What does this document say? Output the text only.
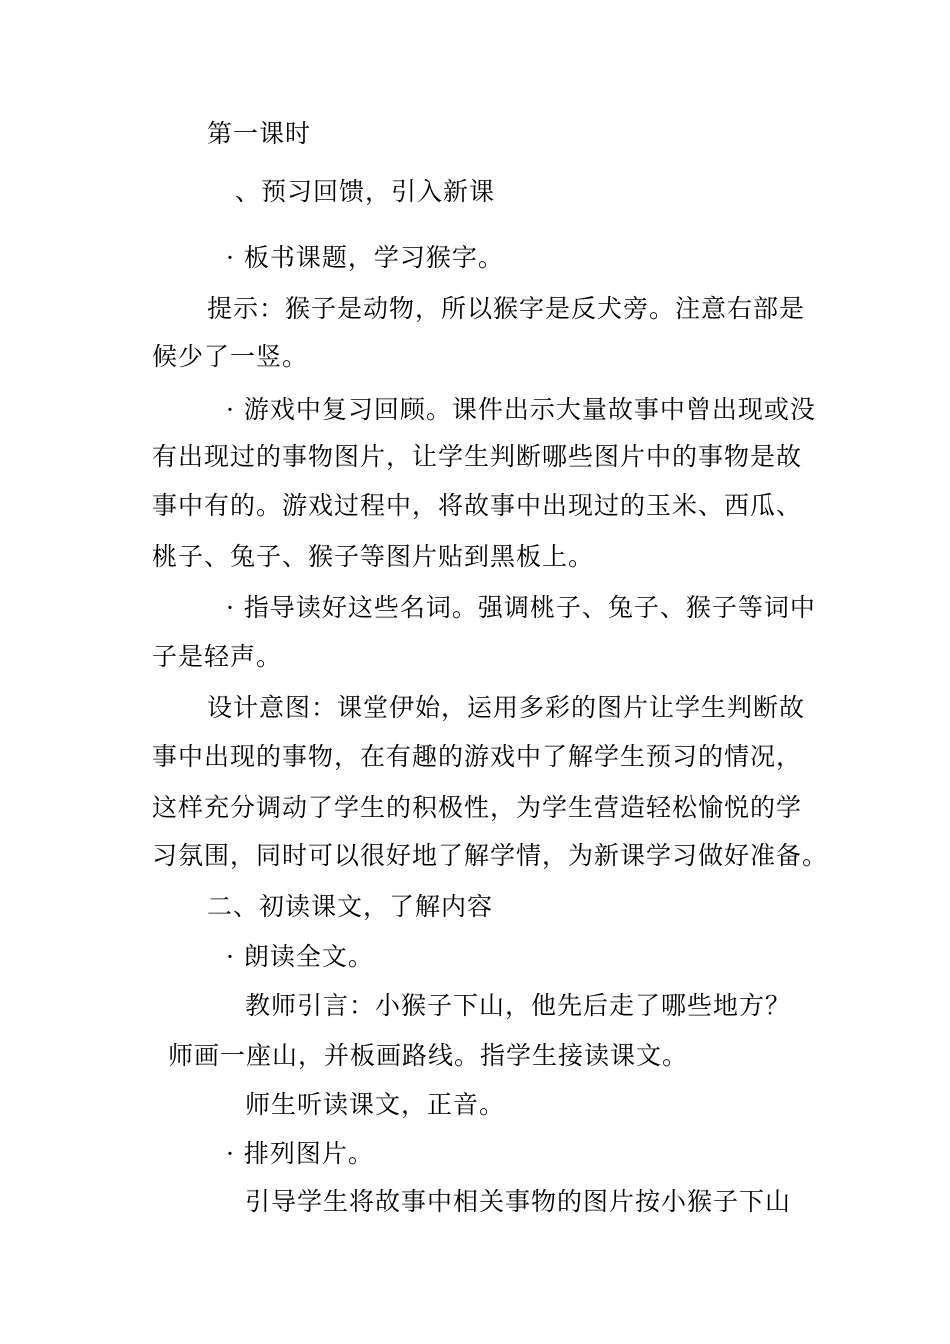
第一课时
、预习回馈，引入新课
· 板书课题，学习猴字。
提示：猴子是动物，所以猴字是反犬旁。注意右部是
候少了一竖。
· 游戏中复习回顾。课件出示大量故事中曾出现或没
有出现过的事物图片，让学生判断哪些图片中的事物是故
事中有的。游戏过程中，将故事中出现过的玉米、西瓜、
桃子、兔子、猴子等图片贴到黑板上。
· 指导读好这些名词。强调桃子、兔子、猴子等词中
子是轻声。
设计意图：课堂伊始，运用多彩的图片让学生判断故
事中出现的事物，在有趣的游戏中了解学生预习的情况，
这样充分调动了学生的积极性，为学生营造轻松愉悦的学
习氛围，同时可以很好地了解学情，为新课学习做好准备。
二、初读课文，了解内容
· 朗读全文。
教师引言：小猴子下山，他先后走了哪些地方？
师画一座山，并板画路线。指学生接读课文。
师生听读课文，正音。
· 排列图片。
引导学生将故事中相关事物的图片按小猴子下山
